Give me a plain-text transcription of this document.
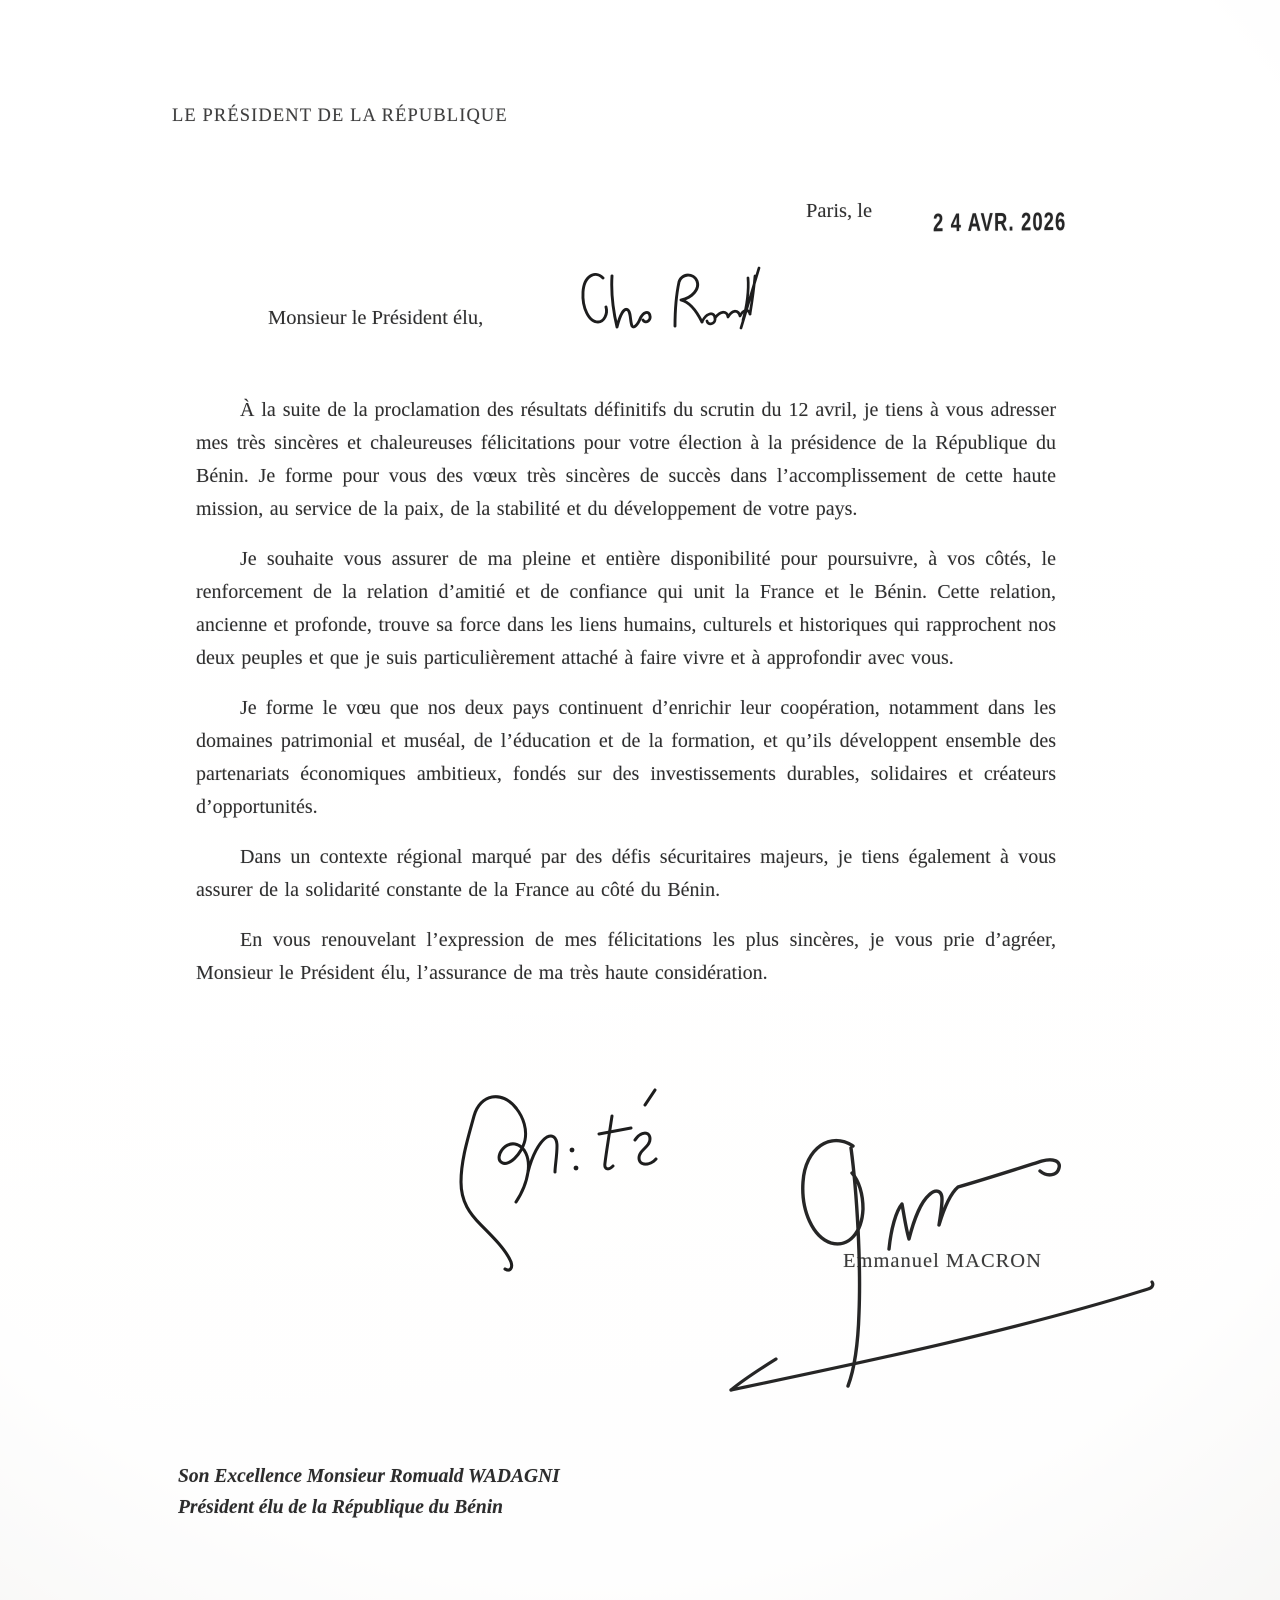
LE PRÉSIDENT DE LA RÉPUBLIQUE
Paris, le	2 4 AVR. 2026
Monsieur le Président élu,

À la suite de la proclamation des résultats définitifs du scrutin du 12 avril, je tiens à vous adresser mes très sincères et chaleureuses félicitations pour votre élection à la présidence de la République du Bénin. Je forme pour vous des vœux très sincères de succès dans l’accomplissement de cette haute mission, au service de la paix, de la stabilité et du développement de votre pays.

Je souhaite vous assurer de ma pleine et entière disponibilité pour poursuivre, à vos côtés, le renforcement de la relation d’amitié et de confiance qui unit la France et le Bénin. Cette relation, ancienne et profonde, trouve sa force dans les liens humains, culturels et historiques qui rapprochent nos deux peuples et que je suis particulièrement attaché à faire vivre et à approfondir avec vous.

Je forme le vœu que nos deux pays continuent d’enrichir leur coopération, notamment dans les domaines patrimonial et muséal, de l’éducation et de la formation, et qu’ils développent ensemble des partenariats économiques ambitieux, fondés sur des investissements durables, solidaires et créateurs d’opportunités.

Dans un contexte régional marqué par des défis sécuritaires majeurs, je tiens également à vous assurer de la solidarité constante de la France au côté du Bénin.

En vous renouvelant l’expression de mes félicitations les plus sincères, je vous prie d’agréer, Monsieur le Président élu, l’assurance de ma très haute considération.

Emmanuel MACRON
Son Excellence Monsieur Romuald WADAGNI
Président élu de la République du Bénin
